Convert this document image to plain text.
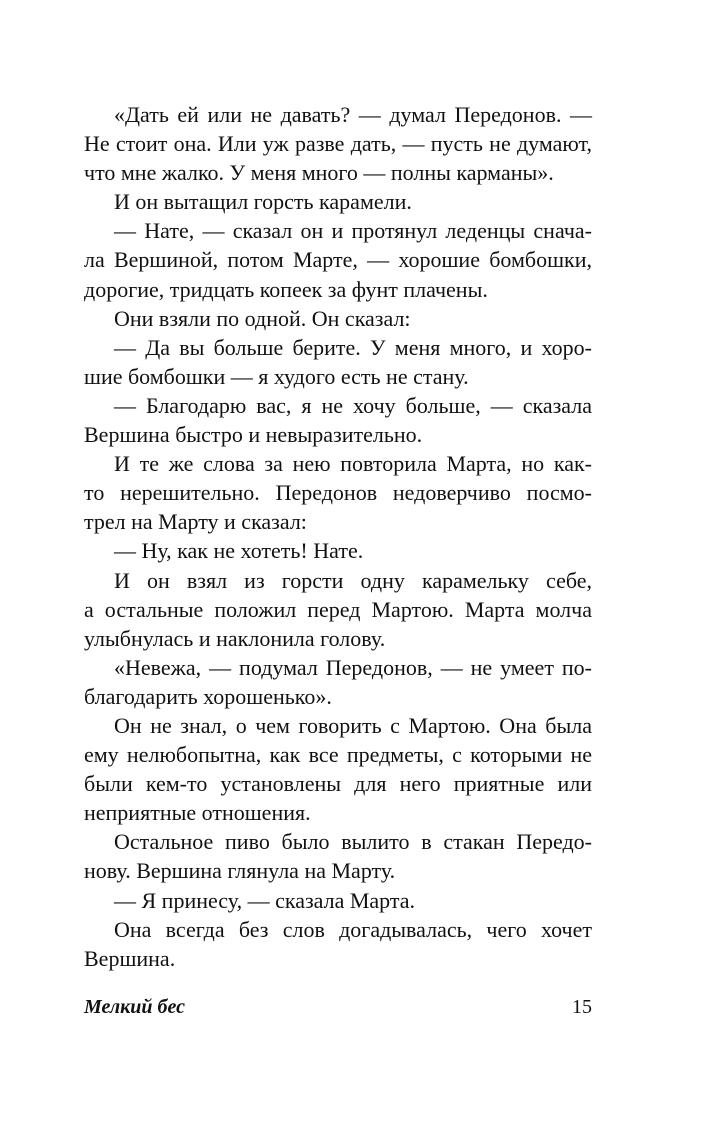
«Дать ей или не давать? — думал Передонов. —
Не стоит она. Или уж разве дать, — пусть не думают,
что мне жалко. У меня много — полны карманы».
И он вытащил горсть карамели.
— Нате, — сказал он и протянул леденцы снача-
ла Вершиной, потом Марте, — хорошие бомбошки,
дорогие, тридцать копеек за фунт плачены.
Они взяли по одной. Он сказал:
— Да вы больше берите. У меня много, и хоро-
шие бомбошки — я худого есть не стану.
— Благодарю вас, я не хочу больше, — сказала
Вершина быстро и невыразительно.
И те же слова за нею повторила Марта, но как-
то нерешительно. Передонов недоверчиво посмо-
трел на Марту и сказал:
— Ну, как не хотеть! Нате.
И он взял из горсти одну карамельку себе,
а остальные положил перед Мартою. Марта молча
улыбнулась и наклонила голову.
«Невежа, — подумал Передонов, — не умеет по-
благодарить хорошенько».
Он не знал, о чем говорить с Мартою. Она была
ему нелюбопытна, как все предметы, с которыми не
были кем-то установлены для него приятные или
неприятные отношения.
Остальное пиво было вылито в стакан Передо-
нову. Вершина глянула на Марту.
— Я принесу, — сказала Марта.
Она всегда без слов догадывалась, чего хочет
Вершина.
Мелкий бес	15
